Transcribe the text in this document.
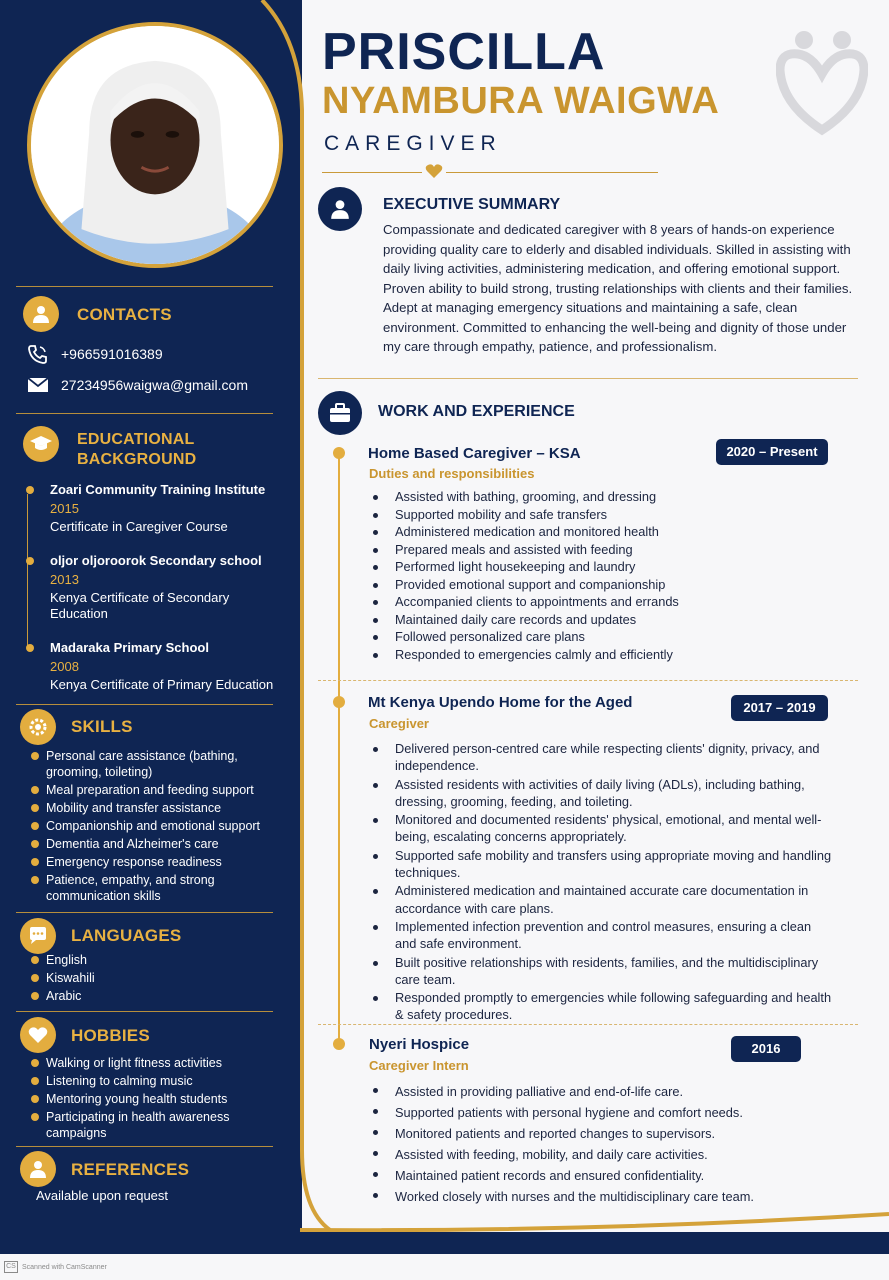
CONTACTS
+966591016389
27234956waigwa@gmail.com
EDUCATIONAL
BACKGROUND
Zoari Community Training Institute
2015
Certificate in Caregiver Course
oljor oljoroorok Secondary school
2013
Kenya Certificate of Secondary Education
Madaraka Primary School
2008
Kenya Certificate of Primary Education
SKILLS
Personal care assistance (bathing, grooming, toileting)
Meal preparation and feeding support
Mobility and transfer assistance
Companionship and emotional support
Dementia and Alzheimer's care
Emergency response readiness
Patience, empathy, and strong communication skills
LANGUAGES
English
Kiswahili
Arabic
HOBBIES
Walking or light fitness activities
Listening to calming music
Mentoring young health students
Participating in health awareness campaigns
REFERENCES
Available upon request
PRISCILLA
NYAMBURA WAIGWA
CAREGIVER
EXECUTIVE SUMMARY
Compassionate and dedicated caregiver with 8 years of hands-on experience providing quality care to elderly and disabled individuals. Skilled in assisting with daily living activities, administering medication, and offering emotional support. Proven ability to build strong, trusting relationships with clients and their families. Adept at managing emergency situations and maintaining a safe, clean environment. Committed to enhancing the well-being and dignity of those under my care through empathy, patience, and professionalism.
WORK AND EXPERIENCE
Home Based Caregiver – KSA
Duties and responsibilities
2020 – Present
Assisted with bathing, grooming, and dressing
Supported mobility and safe transfers
Administered medication and monitored health
Prepared meals and assisted with feeding
Performed light housekeeping and laundry
Provided emotional support and companionship
Accompanied clients to appointments and errands
Maintained daily care records and updates
Followed personalized care plans
Responded to emergencies calmly and efficiently
Mt Kenya Upendo Home for the Aged
Caregiver
2017 – 2019
Delivered person-centred care while respecting clients' dignity, privacy, and independence.
Assisted residents with activities of daily living (ADLs), including bathing, dressing, grooming, feeding, and toileting.
Monitored and documented residents' physical, emotional, and mental well-being, escalating concerns appropriately.
Supported safe mobility and transfers using appropriate moving and handling techniques.
Administered medication and maintained accurate care documentation in accordance with care plans.
Implemented infection prevention and control measures, ensuring a clean and safe environment.
Built positive relationships with residents, families, and the multidisciplinary care team.
Responded promptly to emergencies while following safeguarding and health & safety procedures.
Nyeri Hospice
Caregiver Intern
2016
Assisted in providing palliative and end-of-life care.
Supported patients with personal hygiene and comfort needs.
Monitored patients and reported changes to supervisors.
Assisted with feeding, mobility, and daily care activities.
Maintained patient records and ensured confidentiality.
Worked closely with nurses and the multidisciplinary care team.
CS Scanned with CamScanner
